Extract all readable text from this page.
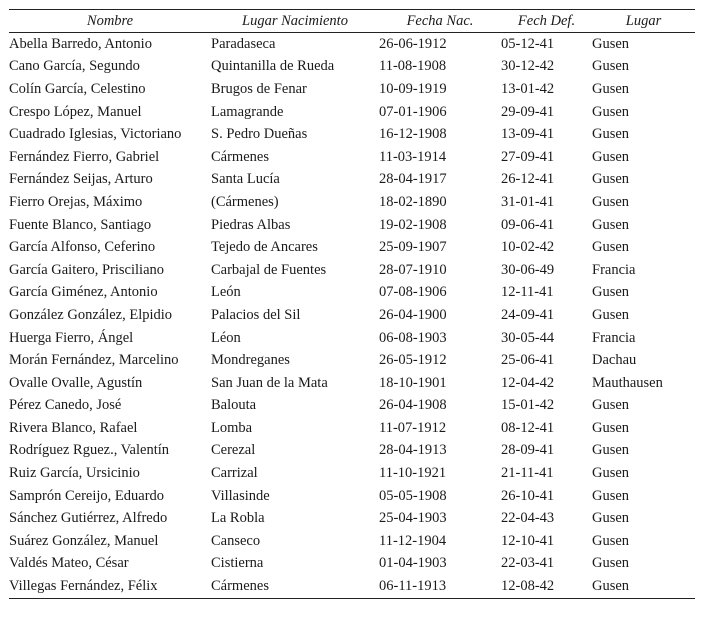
Nombre	Lugar Nacimiento	Fecha Nac.	Fech Def.	Lugar
Abella Barredo, Antonio	Paradaseca	26-06-1912	05-12-41	Gusen
Cano García, Segundo	Quintanilla de Rueda	11-08-1908	30-12-42	Gusen
Colín García, Celestino	Brugos de Fenar	10-09-1919	13-01-42	Gusen
Crespo López, Manuel	Lamagrande	07-01-1906	29-09-41	Gusen
Cuadrado Iglesias, Victoriano	S. Pedro Dueñas	16-12-1908	13-09-41	Gusen
Fernández Fierro, Gabriel	Cármenes	11-03-1914	27-09-41	Gusen
Fernández Seijas, Arturo	Santa Lucía	28-04-1917	26-12-41	Gusen
Fierro Orejas, Máximo	(Cármenes)	18-02-1890	31-01-41	Gusen
Fuente Blanco, Santiago	Piedras Albas	19-02-1908	09-06-41	Gusen
García Alfonso, Ceferino	Tejedo de Ancares	25-09-1907	10-02-42	Gusen
García Gaitero, Prisciliano	Carbajal de Fuentes	28-07-1910	30-06-49	Francia
García Giménez, Antonio	León	07-08-1906	12-11-41	Gusen
González González, Elpidio	Palacios del Sil	26-04-1900	24-09-41	Gusen
Huerga Fierro, Ángel	Léon	06-08-1903	30-05-44	Francia
Morán Fernández, Marcelino	Mondreganes	26-05-1912	25-06-41	Dachau
Ovalle Ovalle, Agustín	San Juan de la Mata	18-10-1901	12-04-42	Mauthausen
Pérez Canedo, José	Balouta	26-04-1908	15-01-42	Gusen
Rivera Blanco, Rafael	Lomba	11-07-1912	08-12-41	Gusen
Rodríguez Rguez., Valentín	Cerezal	28-04-1913	28-09-41	Gusen
Ruiz García, Ursicinio	Carrizal	11-10-1921	21-11-41	Gusen
Samprón Cereijo, Eduardo	Villasinde	05-05-1908	26-10-41	Gusen
Sánchez Gutiérrez, Alfredo	La Robla	25-04-1903	22-04-43	Gusen
Suárez González, Manuel	Canseco	11-12-1904	12-10-41	Gusen
Valdés Mateo, César	Cistierna	01-04-1903	22-03-41	Gusen
Villegas Fernández, Félix	Cármenes	06-11-1913	12-08-42	Gusen
